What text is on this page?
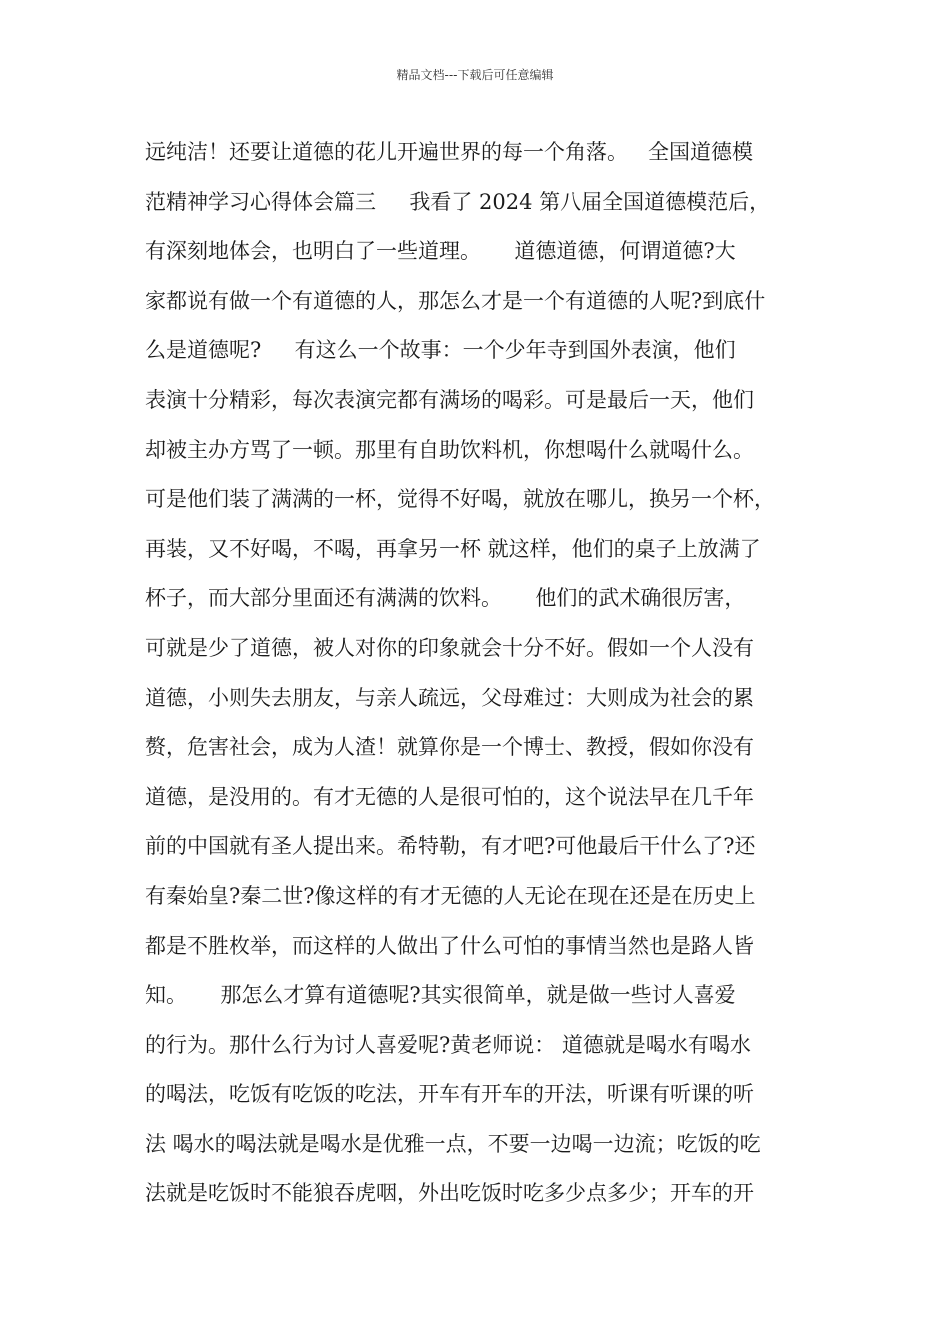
精品文档---下载后可任意编辑
远纯洁！还要让道德的花儿开遍世界的每一个角落。   全国道德模
范精神学习心得体会篇三     我看了 2024 第八届全国道德模范后，
有深刻地体会，也明白了一些道理。     道德道德，何谓道德?大
家都说有做一个有道德的人，那怎么才是一个有道德的人呢?到底什
么是道德呢?     有这么一个故事：一个少年寺到国外表演，他们
表演十分精彩，每次表演完都有满场的喝彩。可是最后一天，他们
却被主办方骂了一顿。那里有自助饮料机，你想喝什么就喝什么。
可是他们装了满满的一杯，觉得不好喝，就放在哪儿，换另一个杯，
再装，又不好喝，不喝，再拿另一杯 就这样，他们的桌子上放满了
杯子，而大部分里面还有满满的饮料。     他们的武术确很厉害，
可就是少了道德，被人对你的印象就会十分不好。假如一个人没有
道德，小则失去朋友，与亲人疏远，父母难过：大则成为社会的累
赘，危害社会，成为人渣！就算你是一个博士、教授，假如你没有
道德，是没用的。有才无德的人是很可怕的，这个说法早在几千年
前的中国就有圣人提出来。希特勒，有才吧?可他最后干什么了?还
有秦始皇?秦二世?像这样的有才无德的人无论在现在还是在历史上
都是不胜枚举，而这样的人做出了什么可怕的事情当然也是路人皆
知。     那怎么才算有道德呢?其实很简单，就是做一些讨人喜爱
的行为。那什么行为讨人喜爱呢?黄老师说： 道德就是喝水有喝水
的喝法，吃饭有吃饭的吃法，开车有开车的开法，听课有听课的听
法 喝水的喝法就是喝水是优雅一点，不要一边喝一边流；吃饭的吃
法就是吃饭时不能狼吞虎咽，外出吃饭时吃多少点多少；开车的开
